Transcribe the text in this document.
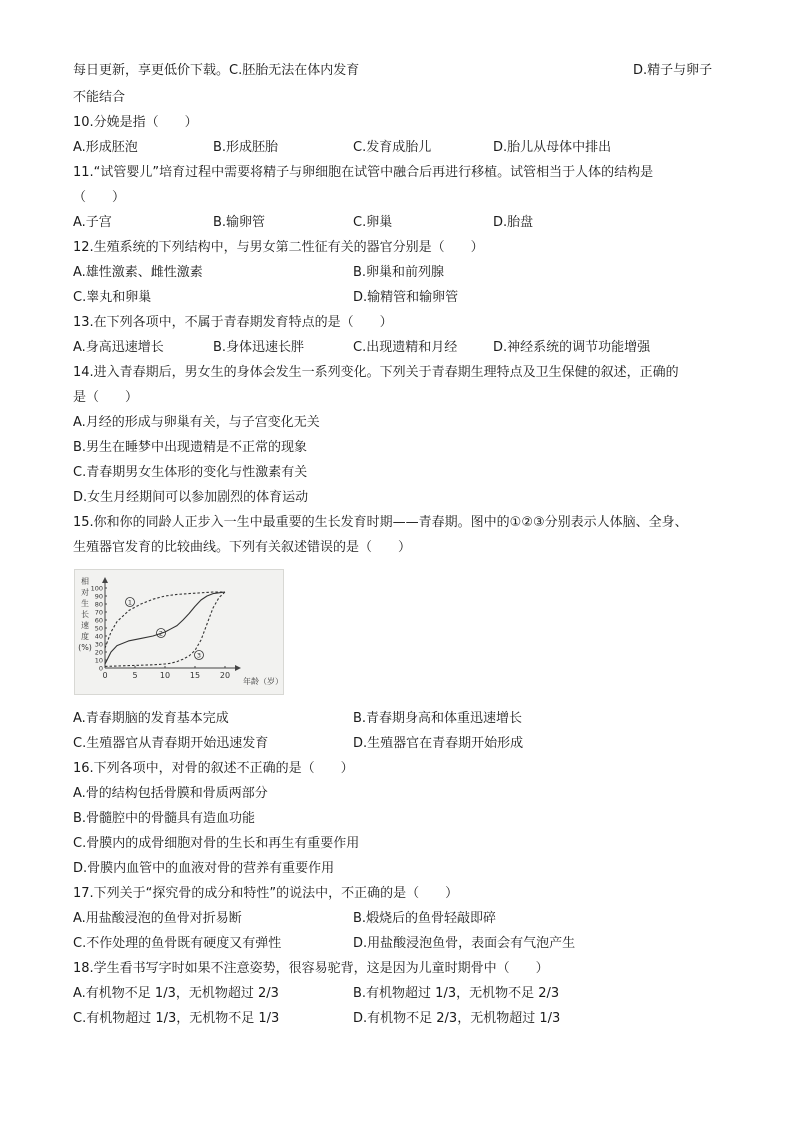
每日更新，享更低价下载。C.胚胎无法在体内发育	D.精子与卵子
不能结合
10.分娩是指（　　）
A.形成胚泡	B.形成胚胎	C.发育成胎儿	D.胎儿从母体中排出
11.“试管婴儿”培育过程中需要将精子与卵细胞在试管中融合后再进行移植。试管相当于人体的结构是
（　　）
A.子宫	B.输卵管	C.卵巢	D.胎盘
12.生殖系统的下列结构中，与男女第二性征有关的器官分别是（　　）
A.雄性激素、雌性激素	B.卵巢和前列腺
C.睾丸和卵巢	D.输精管和输卵管
13.在下列各项中，不属于青春期发育特点的是（　　）
A.身高迅速增长	B.身体迅速长胖	C.出现遗精和月经	D.神经系统的调节功能增强
14.进入青春期后，男女生的身体会发生一系列变化。下列关于青春期生理特点及卫生保健的叙述，正确的
是（　　）
A.月经的形成与卵巢有关，与子宫变化无关
B.男生在睡梦中出现遗精是不正常的现象
C.青春期男女生体形的变化与性激素有关
D.女生月经期间可以参加剧烈的体育运动
15.你和你的同龄人正步入一生中最重要的生长发育时期——青春期。图中的①②③分别表示人体脑、全身、
生殖器官发育的比较曲线。下列有关叙述错误的是（　　）
0	5	10 15 20
0
10
20
30
40
50
60
70
80
90
100
相
对
生
长
速
度
(%)
年龄（岁）
1
2
3
A.青春期脑的发育基本完成	B.青春期身高和体重迅速增长
C.生殖器官从青春期开始迅速发育	D.生殖器官在青春期开始形成
16.下列各项中，对骨的叙述不正确的是（　　）
A.骨的结构包括骨膜和骨质两部分
B.骨髓腔中的骨髓具有造血功能
C.骨膜内的成骨细胞对骨的生长和再生有重要作用
D.骨膜内血管中的血液对骨的营养有重要作用
17.下列关于“探究骨的成分和特性”的说法中，不正确的是（　　）
A.用盐酸浸泡的鱼骨对折易断	B.煅烧后的鱼骨轻敲即碎
C.不作处理的鱼骨既有硬度又有弹性	D.用盐酸浸泡鱼骨，表面会有气泡产生
18.学生看书写字时如果不注意姿势，很容易驼背，这是因为儿童时期骨中（　　）
A.有机物不足 1/3，无机物超过 2/3	B.有机物超过 1/3，无机物不足 2/3
C.有机物超过 1/3，无机物不足 1/3	D.有机物不足 2/3，无机物超过 1/3
